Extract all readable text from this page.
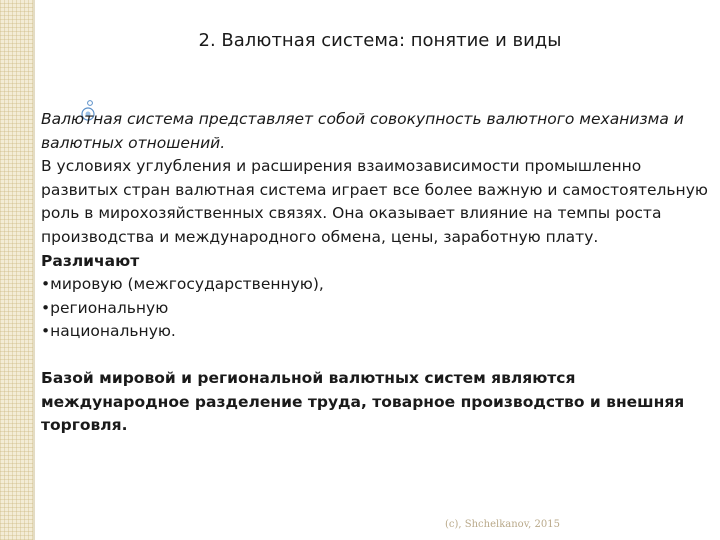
2. Валютная система: понятие и виды

Валютная система представляет собой совокупность валютного механизма и валютных отношений.

В условиях углубления и расширения взаимозависимости промышленно развитых стран валютная система играет все более важную и самостоятельную роль в мирохозяйственных связях. Она оказывает влияние на темпы роста производства и международного обмена, цены, заработную плату.

Различают

•мировую (межгосударственную),

•региональную

•национальную.

Базой мировой и региональной валютных систем являются международное разделение труда, товарное производство и внешняя торговля.

(c), Shchelkanov, 2015
